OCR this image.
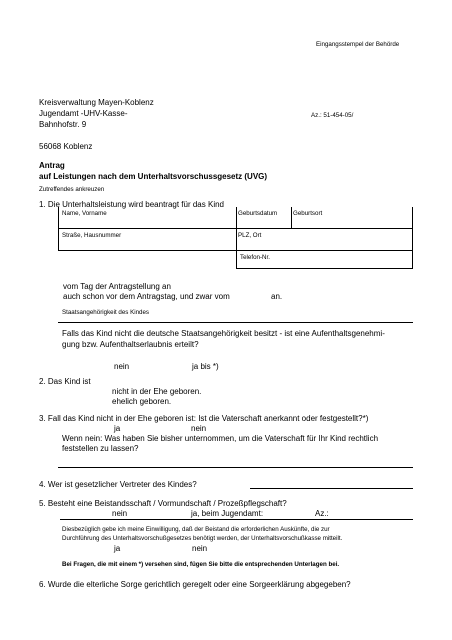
Eingangsstempel der Behörde
Kreisverwaltung Mayen-Koblenz
Jugendamt -UHV-Kasse-
Bahnhofstr. 9
56068 Koblenz
Az.: 51-454-05/
Antrag
auf Leistungen nach dem Unterhaltsvorschussgesetz (UVG)
Zutreffendes ankreuzen
1. Die Unterhaltsleistung wird beantragt für das Kind
Name, Vorname	Geburtsdatum	Geburtsort
Straße, Hausnummer	PLZ, Ort
Telefon-Nr.
vom Tag der Antragstellung an
auch schon vor dem Antragstag, und zwar vom	an.
Staatsangehörigkeit des Kindes
Falls das Kind nicht die deutsche Staatsangehörigkeit besitzt - ist eine Aufenthaltsgenehmi-
gung bzw. Aufenthaltserlaubnis erteilt?
nein	ja bis *)
2. Das Kind ist
nicht in der Ehe geboren.
ehelich geboren.
3. Fall das Kind nicht in der Ehe geboren ist: Ist die Vaterschaft anerkannt oder festgestellt?*)
ja	nein
Wenn nein: Was haben Sie bisher unternommen, um die Vaterschaft für Ihr Kind rechtlich
feststellen zu lassen?
4. Wer ist gesetzlicher Vertreter des Kindes?
5. Besteht eine Beistandsschaft / Vormundschaft / Prozeßpflegschaft?
nein	ja, beim Jugendamt:	Az.:
Diesbezüglich gebe ich meine Einwilligung, daß der Beistand die erforderlichen Auskünfte, die zur
Durchführung des Unterhaltsvorschußgesetzes benötigt werden, der Unterhaltsvorschußkasse mitteilt.
ja	nein
Bei Fragen, die mit einem *) versehen sind, fügen Sie bitte die entsprechenden Unterlagen bei.
6. Wurde die elterliche Sorge gerichtlich geregelt oder eine Sorgeerklärung abgegeben?
